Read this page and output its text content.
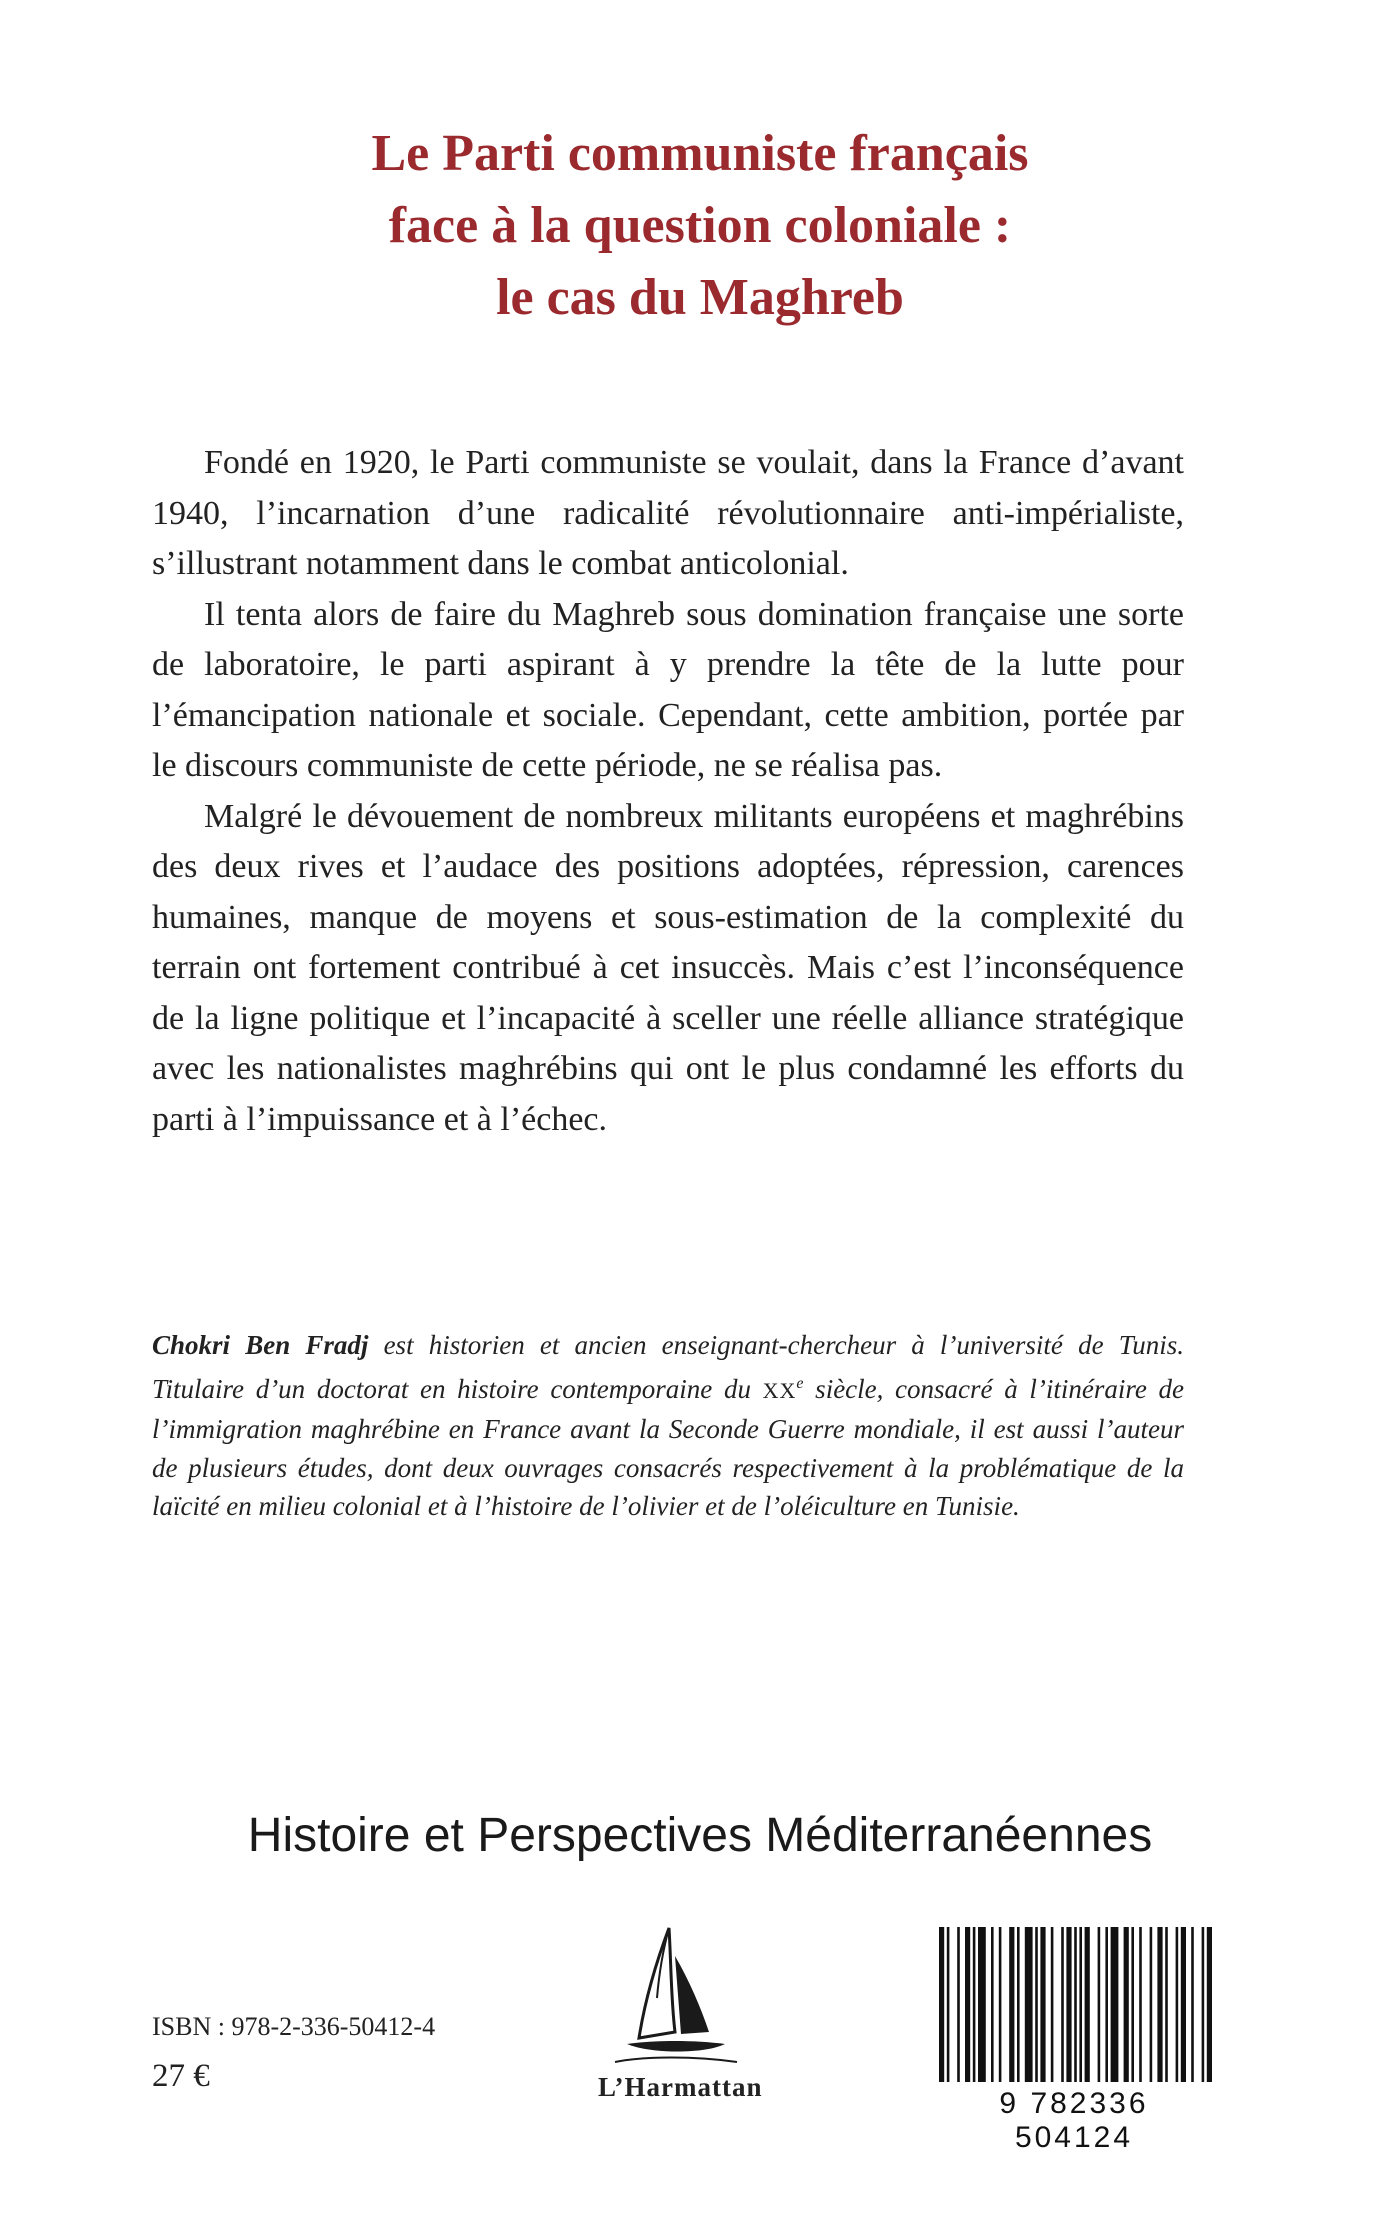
Le Parti communiste français
face à la question coloniale :
le cas du Maghreb

Fondé en 1920, le Parti communiste se voulait, dans la France d’avant 1940, l’incarnation d’une radicalité révolutionnaire anti-impérialiste, s’illustrant notamment dans le combat anticolonial.

Il tenta alors de faire du Maghreb sous domination française une sorte de laboratoire, le parti aspirant à y prendre la tête de la lutte pour l’émancipation nationale et sociale. Cependant, cette ambition, portée par le discours communiste de cette période, ne se réalisa pas.

Malgré le dévouement de nombreux militants européens et maghrébins des deux rives et l’audace des positions adoptées, répression, carences humaines, manque de moyens et sous-estimation de la complexité du terrain ont fortement contribué à cet insuccès. Mais c’est l’inconséquence de la ligne politique et l’incapacité à sceller une réelle alliance stratégique avec les nationalistes maghrébins qui ont le plus condamné les efforts du parti à l’impuissance et à l’échec.

Chokri Ben Fradj est historien et ancien enseignant-chercheur à l’université de Tunis. Titulaire d’un doctorat en histoire contemporaine du XXe siècle, consacré à l’itinéraire de l’immigration maghrébine en France avant la Seconde Guerre mondiale, il est aussi l’auteur de plusieurs études, dont deux ouvrages consacrés respectivement à la problématique de la laïcité en milieu colonial et à l’histoire de l’olivier et de l’oléiculture en Tunisie.

Histoire et Perspectives Méditerranéennes
ISBN : 978-2-336-50412-4
27 €	L’Harmattan	9 782336 504124
